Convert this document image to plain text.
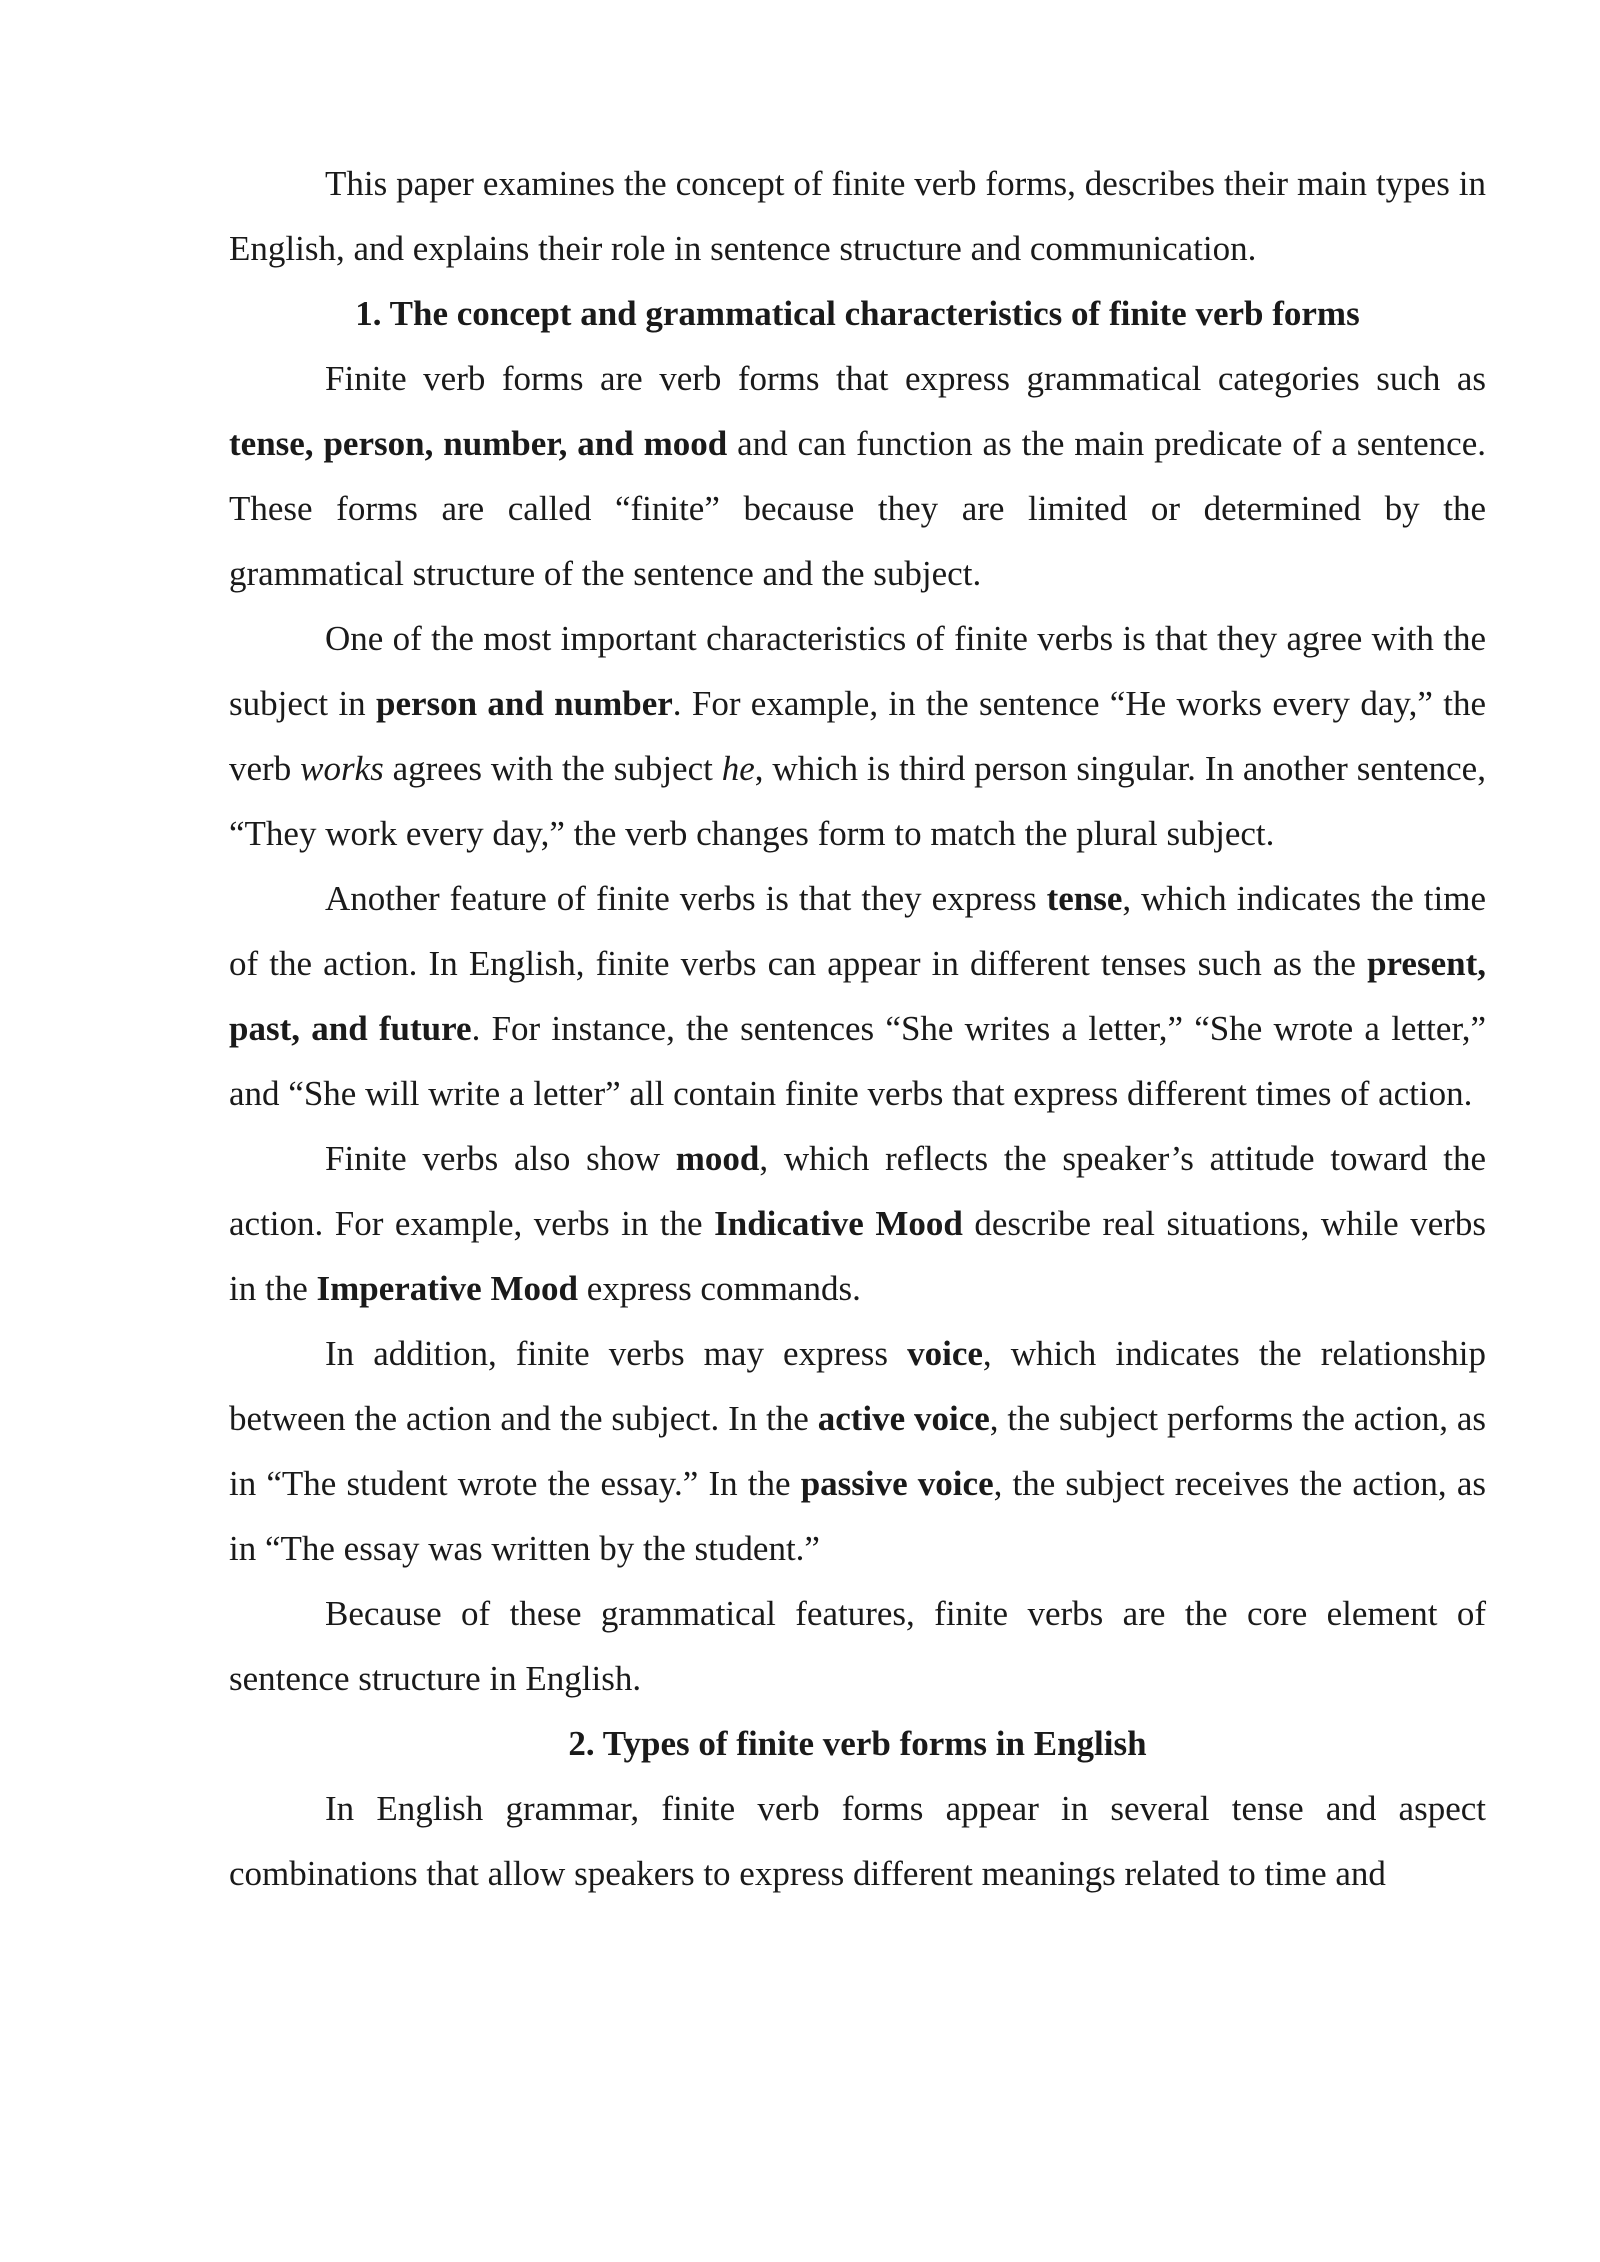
This paper examines the concept of finite verb forms, describes their main types in English, and explains their role in sentence structure and communication.

1. The concept and grammatical characteristics of finite verb forms

Finite verb forms are verb forms that express grammatical categories such as tense, person, number, and mood and can function as the main predicate of a sentence. These forms are called “finite” because they are limited or determined by the grammatical structure of the sentence and the subject.

One of the most important characteristics of finite verbs is that they agree with the subject in person and number. For example, in the sentence “He works every day,” the verb works agrees with the subject he, which is third person singular. In another sentence, “They work every day,” the verb changes form to match the plural subject.

Another feature of finite verbs is that they express tense, which indicates the time of the action. In English, finite verbs can appear in different tenses such as the present, past, and future. For instance, the sentences “She writes a letter,” “She wrote a letter,” and “She will write a letter” all contain finite verbs that express different times of action.

Finite verbs also show mood, which reflects the speaker’s attitude toward the action. For example, verbs in the Indicative Mood describe real situations, while verbs in the Imperative Mood express commands.

In addition, finite verbs may express voice, which indicates the relationship between the action and the subject. In the active voice, the subject performs the action, as in “The student wrote the essay.” In the passive voice, the subject receives the action, as in “The essay was written by the student.”

Because of these grammatical features, finite verbs are the core element of sentence structure in English.

2. Types of finite verb forms in English

In English grammar, finite verb forms appear in several tense and aspect combinations that allow speakers to express different meanings related to time and
